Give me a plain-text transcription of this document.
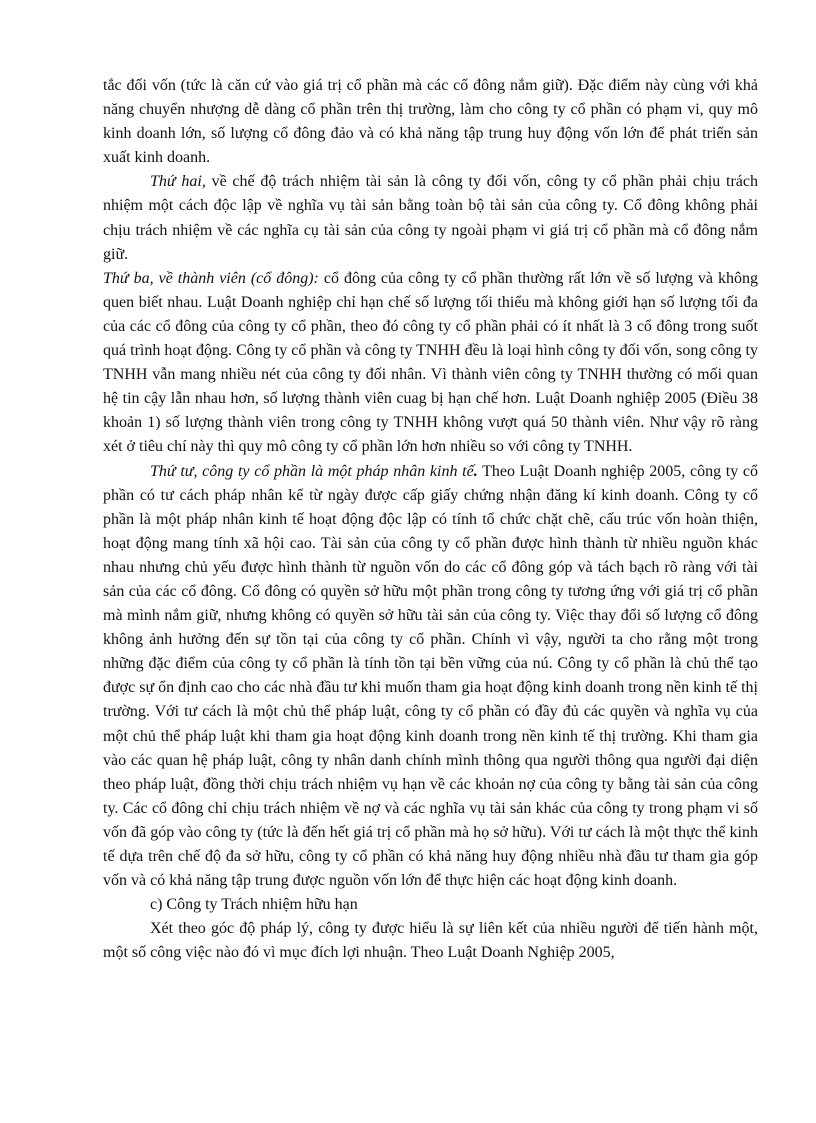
tắc đối vốn (tức là căn cứ vào giá trị cổ phần mà các cổ đông nắm giữ). Đặc điểm này cùng với khả năng chuyển nhượng dễ dàng cổ phần trên thị trường, làm cho công ty cổ phần có phạm vi, quy mô kinh doanh lớn, số lượng cổ đông đảo và có khả năng tập trung huy động vốn lớn để phát triển sản xuất kinh doanh.

Thứ hai, về chế độ trách nhiệm tài sản là công ty đối vốn, công ty cổ phần phải chịu trách nhiệm một cách độc lập về nghĩa vụ tài sản bằng toàn bộ tài sản của công ty. Cổ đông không phải chịu trách nhiệm về các nghĩa cụ tài sản của công ty ngoài phạm vi giá trị cổ phần mà cổ đông nắm giữ.

Thứ ba, về thành viên (cổ đông): cổ đông của công ty cổ phần thường rất lớn về số lượng và không quen biết nhau. Luật Doanh nghiệp chỉ hạn chế số lượng tối thiểu mà không giới hạn số lượng tối đa của các cổ đông của công ty cổ phần, theo đó công ty cổ phần phải có ít nhất là 3 cổ đông trong suốt quá trình hoạt động. Công ty cổ phần và công ty TNHH đều là loại hình công ty đối vốn, song công ty TNHH vẫn mang nhiều nét của công ty đối nhân. Vì thành viên công ty TNHH thường có mối quan hệ tin cậy lẫn nhau hơn, số lượng thành viên cuag bị hạn chế hơn. Luật Doanh nghiệp 2005 (Điều 38 khoản 1) số lượng thành viên trong công ty TNHH không vượt quá 50 thành viên. Như vậy rõ ràng xét ở tiêu chí này thì quy mô công ty cổ phần lớn hơn nhiều so với công ty TNHH.

Thứ tư, công ty cổ phần là một pháp nhân kinh tế. Theo Luật Doanh nghiệp 2005, công ty cổ phần có tư cách pháp nhân kể từ ngày được cấp giấy chứng nhận đăng kí kinh doanh. Công ty cổ phần là một pháp nhân kinh tế hoạt động độc lập có tính tổ chức chặt chẽ, cấu trúc vốn hoàn thiện, hoạt động mang tính xã hội cao. Tài sản của công ty cổ phần được hình thành từ nhiều nguồn khác nhau nhưng chủ yếu được hình thành từ nguồn vốn do các cổ đông góp và tách bạch rõ ràng với tài sản của các cổ đông. Cổ đông có quyền sở hữu một phần trong công ty tương ứng với giá trị cổ phần mà mình nắm giữ, nhưng không có quyền sở hữu tài sản của công ty. Việc thay đổi số lượng cổ đông không ảnh hưởng đến sự tồn tại của công ty cổ phần. Chính vì vậy, người ta cho rằng một trong những đặc điểm của công ty cổ phần là tính tồn tại bền vững của nú. Công ty cổ phần là chủ thể tạo được sự ổn định cao cho các nhà đầu tư khi muốn tham gia hoạt động kinh doanh trong nền kinh tế thị trường. Với tư cách là một chủ thể pháp luật, công ty cổ phần có đầy đủ các quyền và nghĩa vụ của một chủ thể pháp luật khi tham gia hoạt động kinh doanh trong nền kinh tế thị trường. Khi tham gia vào các quan hệ pháp luật, công ty nhân danh chính mình thông qua người thông qua người đại diện theo pháp luật, đồng thời chịu trách nhiệm vụ hạn về các khoản nợ của công ty bằng tài sản của công ty. Các cổ đông chỉ chịu trách nhiệm về nợ và các nghĩa vụ tài sản khác của công ty trong phạm vi số vốn đã góp vào công ty (tức là đến hết giá trị cổ phần mà họ sở hữu). Với tư cách là một thực thể kinh tế dựa trên chế độ đa sở hữu, công ty cổ phần có khả năng huy động nhiều nhà đầu tư tham gia góp vốn và có khả năng tập trung được nguồn vốn lớn để thực hiện các hoạt động kinh doanh.

c) Công ty Trách nhiệm hữu hạn

Xét theo góc độ pháp lý, công ty được hiểu là sự liên kết của nhiều người để tiến hành một, một số công việc nào đó vì mục đích lợi nhuận. Theo Luật Doanh Nghiệp 2005,
